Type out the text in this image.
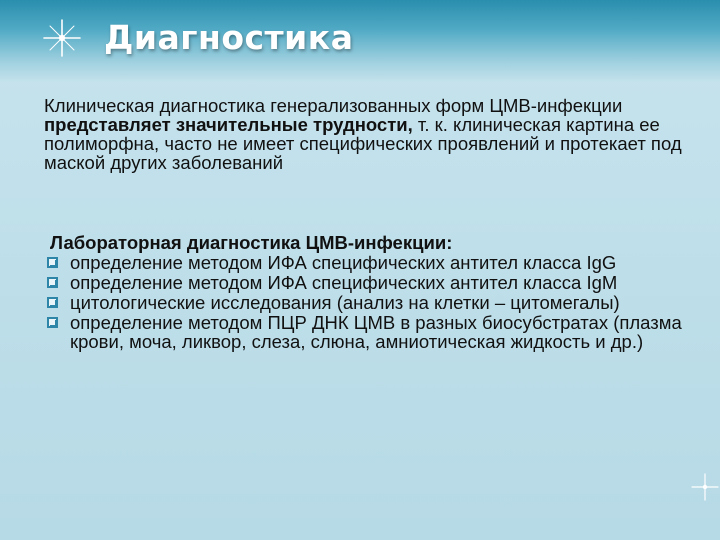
Диагностика

Клиническая диагностика генерализованных форм ЦМВ-инфекции представляет значительные трудности, т. к. клиническая картина ее полиморфна, часто не имеет специфических проявлений и протекает под маской других заболеваний

Лабораторная диагностика ЦМВ-инфекции:

определение методом ИФА специфических антител класса IgG
определение методом ИФА специфических антител класса IgM
цитологические исследования (анализ на клетки – цитомегалы)
определение методом ПЦР ДНК ЦМВ в разных биосубстратах (плазма крови, моча, ликвор, слеза, слюна, амниотическая жидкость и др.)
